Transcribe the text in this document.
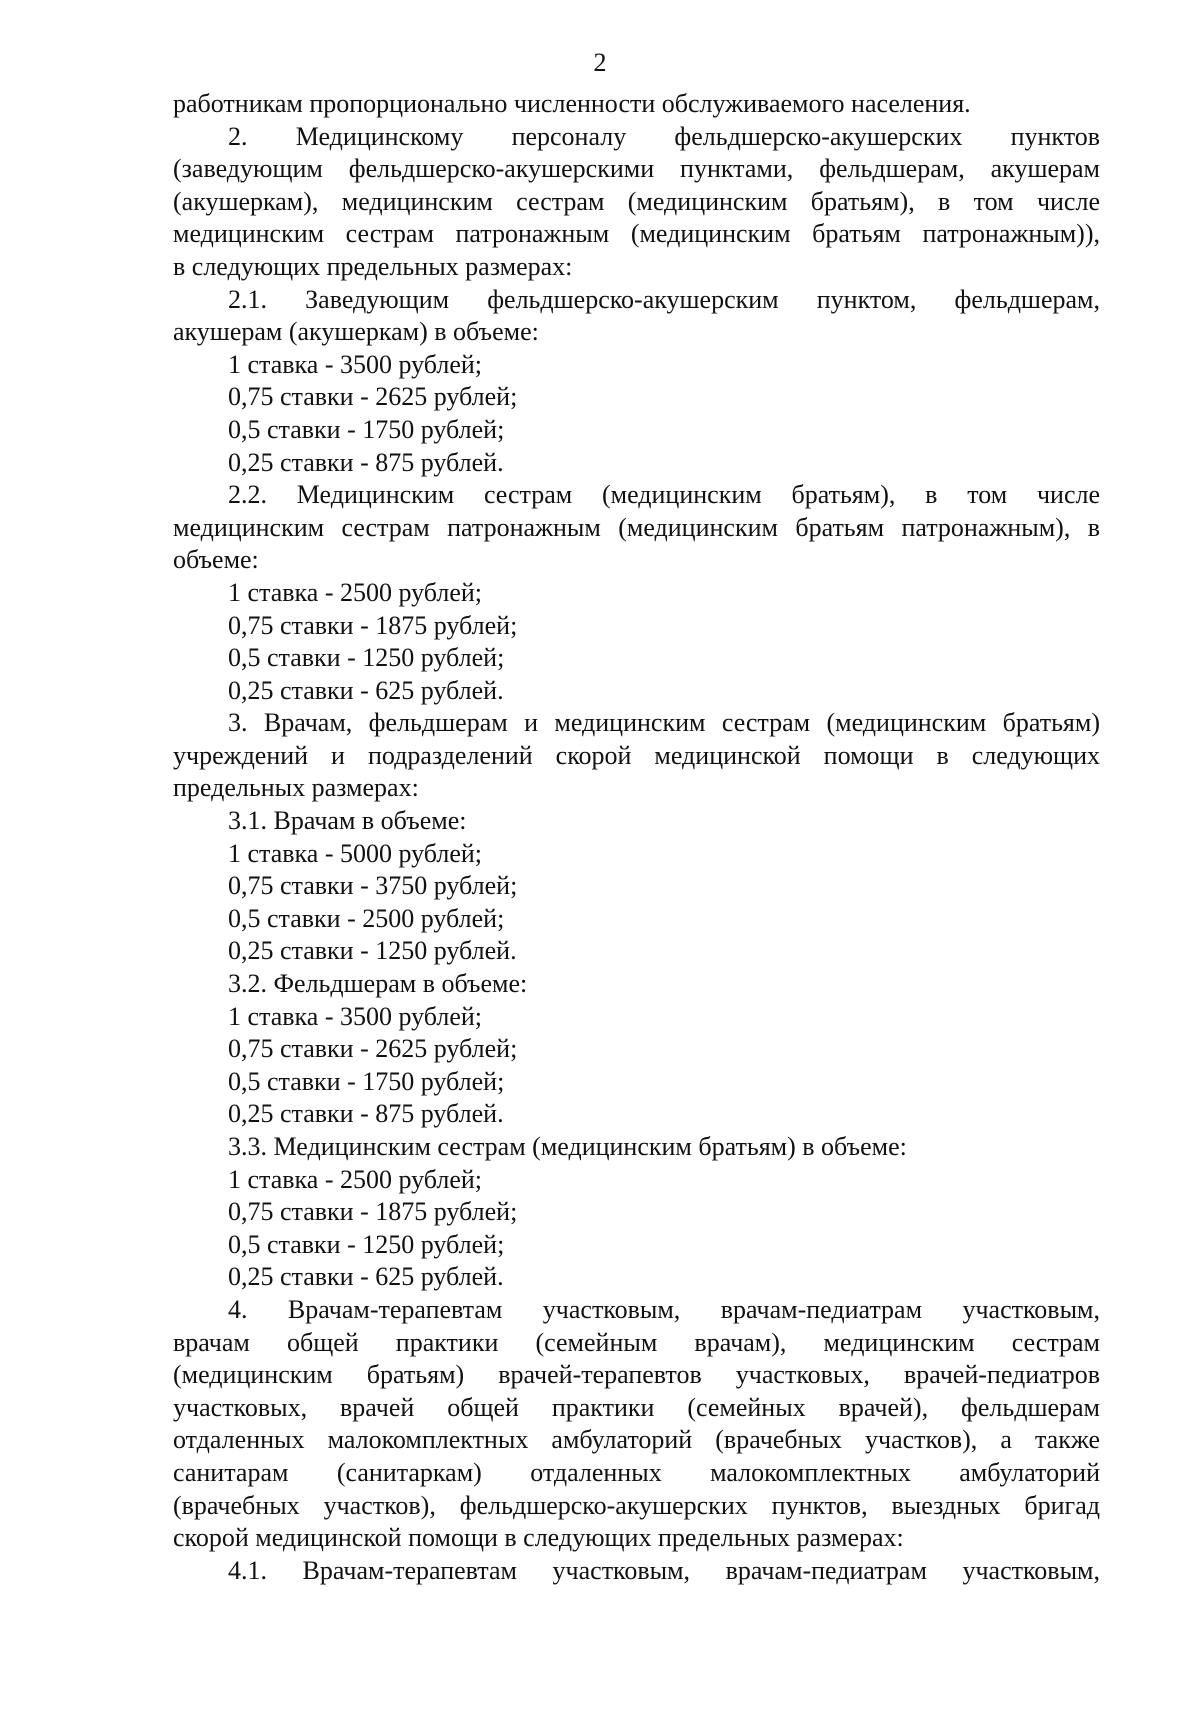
2
работникам пропорционально численности обслуживаемого населения.
2. Медицинскому персоналу фельдшерско-акушерских пунктов
(заведующим фельдшерско-акушерскими пунктами, фельдшерам, акушерам
(акушеркам), медицинским сестрам (медицинским братьям), в том числе
медицинским сестрам патронажным (медицинским братьям патронажным)),
в следующих предельных размерах:
2.1. Заведующим фельдшерско-акушерским пунктом, фельдшерам,
акушерам (акушеркам) в объеме:
1 ставка - 3500 рублей;
0,75 ставки - 2625 рублей;
0,5 ставки - 1750 рублей;
0,25 ставки - 875 рублей.
2.2. Медицинским сестрам (медицинским братьям), в том числе
медицинским сестрам патронажным (медицинским братьям патронажным), в
объеме:
1 ставка - 2500 рублей;
0,75 ставки - 1875 рублей;
0,5 ставки - 1250 рублей;
0,25 ставки - 625 рублей.
3. Врачам, фельдшерам и медицинским сестрам (медицинским братьям)
учреждений и подразделений скорой медицинской помощи в следующих
предельных размерах:
3.1. Врачам в объеме:
1 ставка - 5000 рублей;
0,75 ставки - 3750 рублей;
0,5 ставки - 2500 рублей;
0,25 ставки - 1250 рублей.
3.2. Фельдшерам в объеме:
1 ставка - 3500 рублей;
0,75 ставки - 2625 рублей;
0,5 ставки - 1750 рублей;
0,25 ставки - 875 рублей.
3.3. Медицинским сестрам (медицинским братьям) в объеме:
1 ставка - 2500 рублей;
0,75 ставки - 1875 рублей;
0,5 ставки - 1250 рублей;
0,25 ставки - 625 рублей.
4. Врачам-терапевтам участковым, врачам-педиатрам участковым,
врачам общей практики (семейным врачам), медицинским сестрам
(медицинским братьям) врачей-терапевтов участковых, врачей-педиатров
участковых, врачей общей практики (семейных врачей), фельдшерам
отдаленных малокомплектных амбулаторий (врачебных участков), а также
санитарам (санитаркам) отдаленных малокомплектных амбулаторий
(врачебных участков), фельдшерско-акушерских пунктов, выездных бригад
скорой медицинской помощи в следующих предельных размерах:
4.1. Врачам-терапевтам участковым, врачам-педиатрам участковым,
